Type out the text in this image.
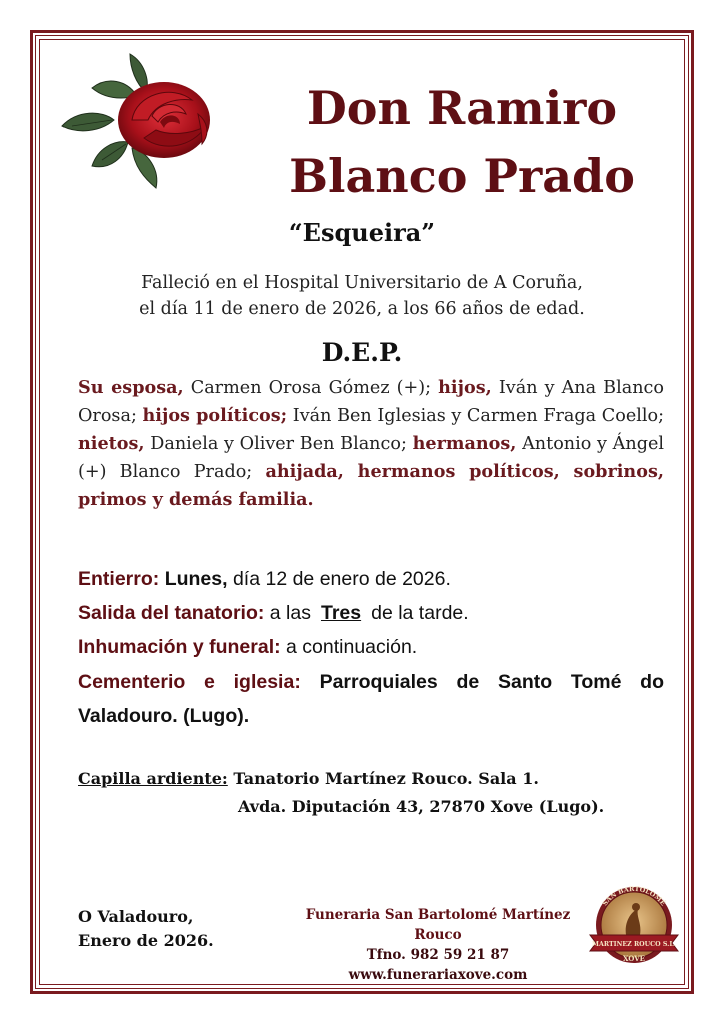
Don Ramiro
Blanco Prado
“Esqueira”
Falleció en el Hospital Universitario de A Coruña,
el día 11 de enero de 2026, a los 66 años de edad.
D.E.P.
Su esposa, Carmen Orosa Gómez (+); hijos, Iván y Ana Blanco Orosa; hijos políticos; Iván Ben Iglesias y Carmen Fraga Coello; nietos, Daniela y Oliver Ben Blanco; hermanos, Antonio y Ángel (+) Blanco Prado; ahijada, hermanos políticos, sobrinos, primos y demás familia.
Entierro: Lunes, día 12 de enero de 2026.
Salida del tanatorio: a las Tres de la tarde.
Inhumación y funeral: a continuación.
Cementerio e iglesia: Parroquiales de Santo Tomé do Valadouro. (Lugo).
Capilla ardiente: Tanatorio Martínez Rouco. Sala 1.
Avda. Diputación 43, 27870 Xove (Lugo).
O Valadouro,
Enero de 2026.
Funeraria San Bartolomé Martínez Rouco
Tfno. 982 59 21 87
www.funerariaxove.com
SAN BARTOLOMÉ
MARTINEZ ROUCO S.L.
XOVE
